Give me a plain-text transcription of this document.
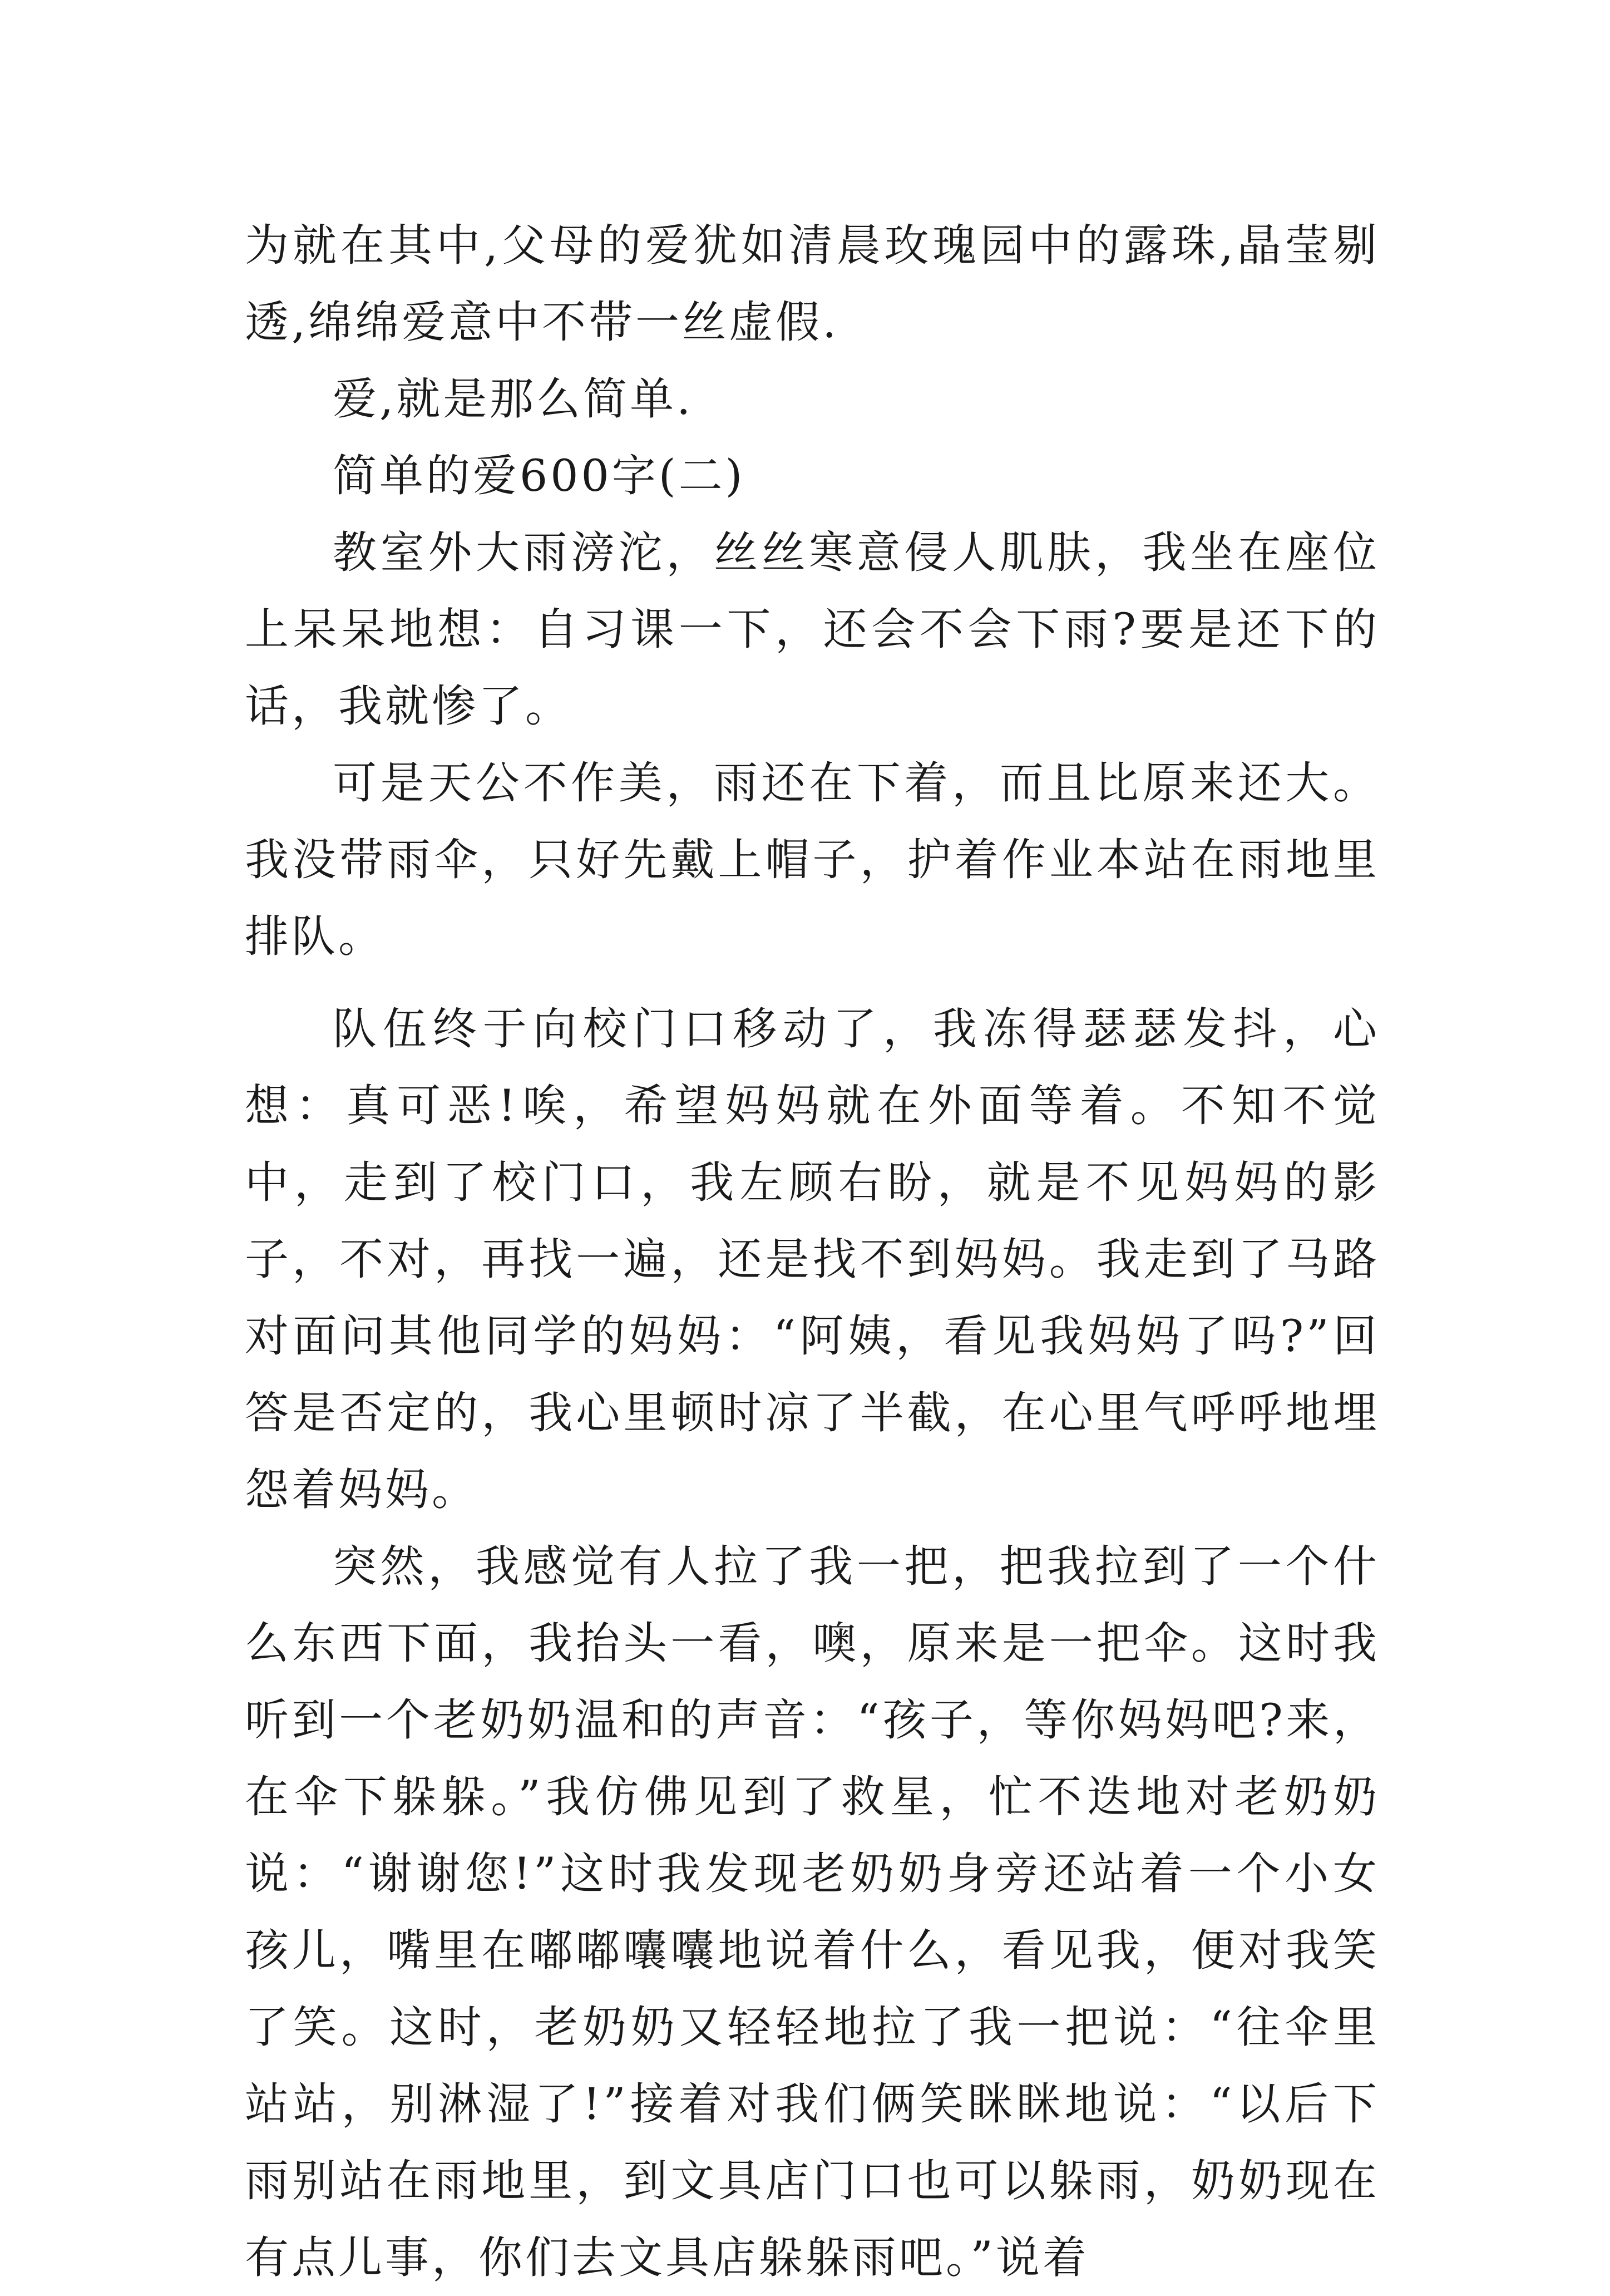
为就在其中,父母的爱犹如清晨玫瑰园中的露珠,晶莹剔透,绵绵爱意中不带一丝虚假.

爱,就是那么简单.

简单的爱600字(二)

教室外大雨滂沱，丝丝寒意侵人肌肤，我坐在座位上呆呆地想：自习课一下，还会不会下雨?要是还下的话，我就惨了。

可是天公不作美，雨还在下着，而且比原来还大。我没带雨伞，只好先戴上帽子，护着作业本站在雨地里排队。

队伍终于向校门口移动了，我冻得瑟瑟发抖，心想：真可恶!唉，希望妈妈就在外面等着。不知不觉中，走到了校门口，我左顾右盼，就是不见妈妈的影子，不对，再找一遍，还是找不到妈妈。我走到了马路对面问其他同学的妈妈：“阿姨，看见我妈妈了吗?”回答是否定的，我心里顿时凉了半截，在心里气呼呼地埋怨着妈妈。

突然，我感觉有人拉了我一把，把我拉到了一个什么东西下面，我抬头一看，噢，原来是一把伞。这时我听到一个老奶奶温和的声音：“孩子，等你妈妈吧?来，在伞下躲躲。”我仿佛见到了救星，忙不迭地对老奶奶说：“谢谢您!”这时我发现老奶奶身旁还站着一个小女孩儿，嘴里在嘟嘟囔囔地说着什么，看见我，便对我笑了笑。这时，老奶奶又轻轻地拉了我一把说：“往伞里站站，别淋湿了!”接着对我们俩笑眯眯地说：“以后下雨别站在雨地里，到文具店门口也可以躲雨，奶奶现在有点儿事，你们去文具店躲躲雨吧。”说着
